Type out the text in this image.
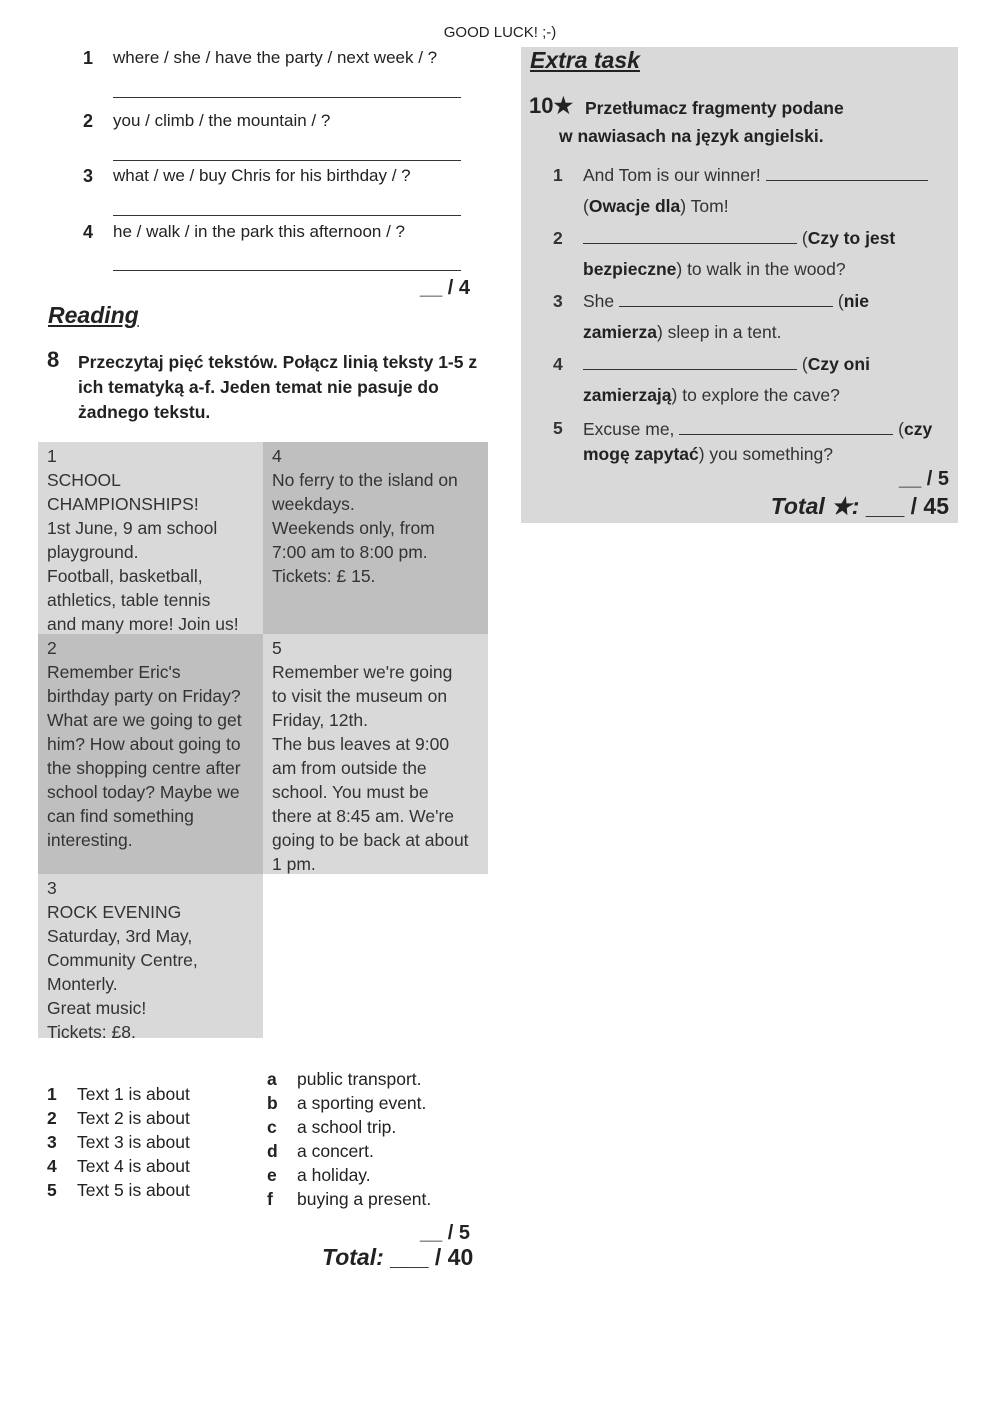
GOOD LUCK! ;-)
1 where / she / have the party / next week / ?
2 you / climb / the mountain / ?
3 what / we / buy Chris for his birthday / ?
4 he / walk / in the park this afternoon / ?
__ / 4
Reading
8 Przeczytaj pięć tekstów. Połącz linią teksty 1-5 z ich tematyką a-f. Jeden temat nie pasuje do żadnego tekstu.
1
SCHOOL
CHAMPIONSHIPS!
1st June, 9 am school
playground.
Football, basketball,
athletics, table tennis
and many more! Join us!
4
No ferry to the island on
weekdays.
Weekends only, from
7:00 am to 8:00 pm.
Tickets: £ 15.
2
Remember Eric's
birthday party on Friday?
What are we going to get
him? How about going to
the shopping centre after
school today? Maybe we
can find something
interesting.
5
Remember we're going
to visit the museum on
Friday, 12th.
The bus leaves at 9:00
am from outside the
school. You must be
there at 8:45 am. We're
going to be back at about
1 pm.
3
ROCK EVENING
Saturday, 3rd May,
Community Centre,
Monterly.
Great music!
Tickets: £8.
1 Text 1 is about
2 Text 2 is about
3 Text 3 is about
4 Text 4 is about
5 Text 5 is about
a public transport.
b a sporting event.
c a school trip.
d a concert.
e a holiday.
f buying a present.
__ / 5
Total: ___ / 40
Extra task
10★ Przetłumacz fragmenty podane
w nawiasach na język angielski.
1 And Tom is our winner!
(Owacje dla) Tom!
2	(Czy to jest
bezpieczne) to walk in the wood?
3 She	(nie
zamierza) sleep in a tent.
4	(Czy oni
zamierzają) to explore the cave?
5 Excuse me,	(czy
mogę zapytać) you something?
__ / 5
Total ★: ___ / 45
